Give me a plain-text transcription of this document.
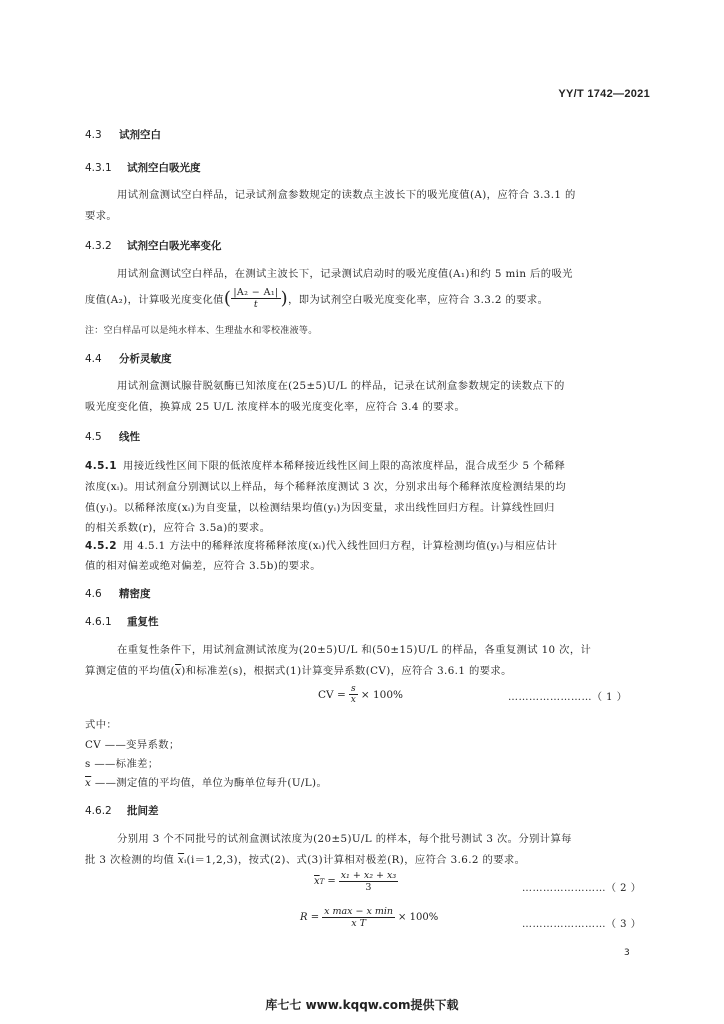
YY/T 1742—2021
4.3 试剂空白
4.3.1 试剂空白吸光度
用试剂盒测试空白样品，记录试剂盒参数规定的读数点主波长下的吸光度值(A)，应符合 3.3.1 的
要求。
4.3.2 试剂空白吸光率变化
用试剂盒测试空白样品，在测试主波长下，记录测试启动时的吸光度值(A₁)和约 5 min 后的吸光
度值(A₂)，计算吸光度变化值 ( $\frac{\text{|A₂ − A₁|}}{t}$ ) ，即为试剂空白吸光度变化率，应符合 3.3.2 的要求。
注：空白样品可以是纯水样本、生理盐水和零校准液等。
4.4 分析灵敏度
用试剂盒测试腺苷脱氨酶已知浓度在(25±5)U/L 的样品，记录在试剂盒参数规定的读数点下的
吸光度变化值，换算成 25 U/L 浓度样本的吸光度变化率，应符合 3.4 的要求。
4.5 线性
4.5.1 用接近线性区间下限的低浓度样本稀释接近线性区间上限的高浓度样品，混合成至少 5 个稀释
浓度(xᵢ)。用试剂盒分别测试以上样品，每个稀释浓度测试 3 次，分别求出每个稀释浓度检测结果的均
值(yᵢ)。以稀释浓度(xᵢ)为自变量，以检测结果均值(yᵢ)为因变量，求出线性回归方程。计算线性回归
的相关系数(r)，应符合 3.5a)的要求。
4.5.2 用 4.5.1 方法中的稀释浓度将稀释浓度(xᵢ)代入线性回归方程，计算检测均值(yᵢ)与相应估计
值的相对偏差或绝对偏差，应符合 3.5b)的要求。
4.6 精密度
4.6.1 重复性
在重复性条件下，用试剂盒测试浓度为(20±5)U/L 和(50±15)U/L 的样品，各重复测试 10 次，计
算测定值的平均值$(\overline{x})$和标准差(s)，根据式(1)计算变异系数(CV)，应符合 3.6.1 的要求。
CV = $\frac{s}{x} \times 100\%$	……………………（ 1 ）
式中：
CV ——变异系数；
s ——标准差；
$\overline{x}$ ——测定值的平均值，单位为酶单位每升(U/L)。
4.6.2 批间差
分别用 3 个不同批号的试剂盒测试浓度为(20±5)U/L 的样本，每个批号测试 3 次。分别计算每
批 3 次检测的均值 $\overline{x}ᵢ(i=1,2,3)$，按式(2)、式(3)计算相对极差(R)，应符合 3.6.2 的要求。
$\overline{x}$ $T = \frac{\text{x₁ + x₂ + x₃}}{3}$	……………………（ 2 ）
$R = \frac{\text{x max − x min}}{\text{x T}} \times 100\%$
……………………（ 3 ）
3
库七七 www.kqqw.com提供下载
